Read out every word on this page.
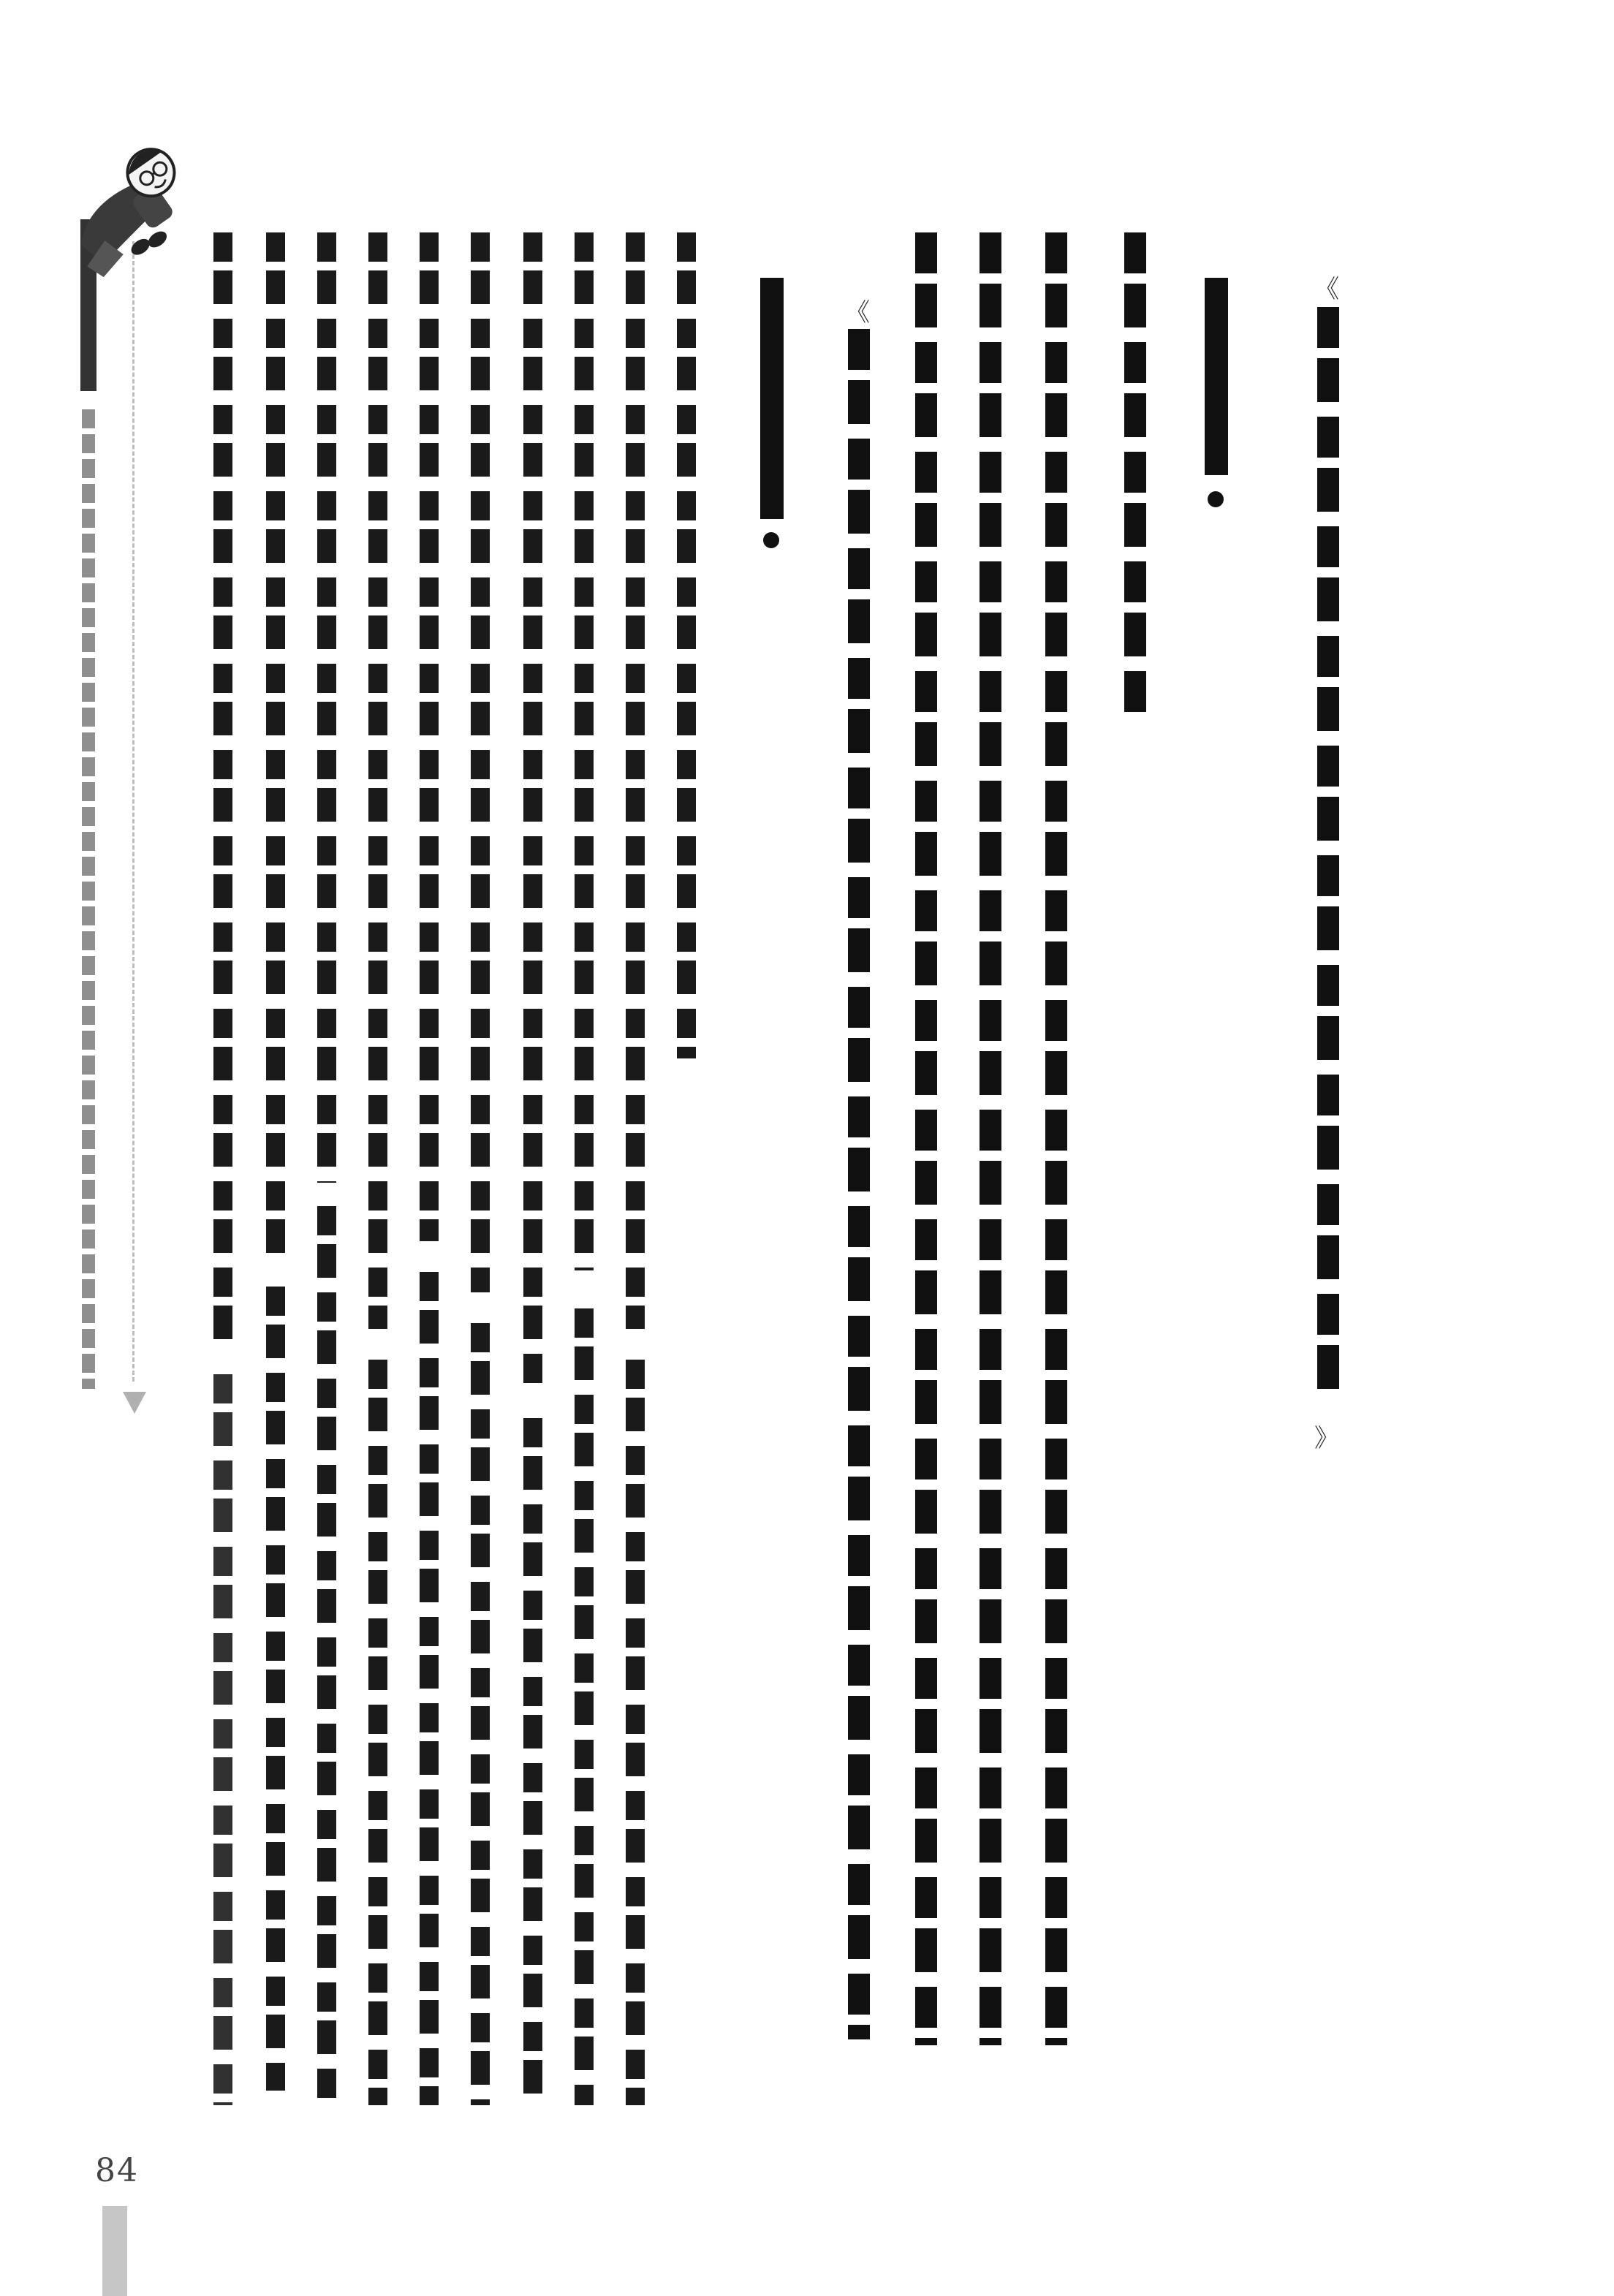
《
《
》
84
